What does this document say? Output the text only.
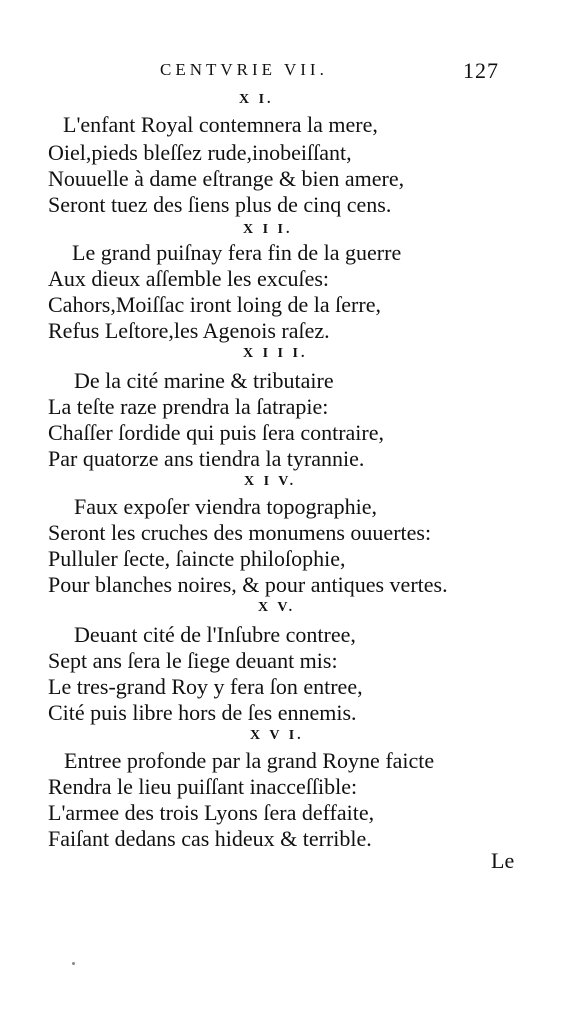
CENTVRIE VII.	127
X I.
L'enfant Royal contemnera la mere,
Oiel,pieds bleſſez rude,inobeiſſant,
Nouuelle à dame eſtrange & bien amere,
Seront tuez des ſiens plus de cinq cens.
X I I.
Le grand puiſnay fera fin de la guerre
Aux dieux aſſemble les excuſes:
Cahors,Moiſſac iront loing de la ſerre,
Refus Leſtore,les Agenois raſez.
X I I I.
De la cité marine & tributaire
La teſte raze prendra la ſatrapie:
Chaſſer ſordide qui puis ſera contraire,
Par quatorze ans tiendra la tyrannie.
X I V.
Faux expoſer viendra topographie,
Seront les cruches des monumens ouuertes:
Pulluler ſecte, ſaincte philoſophie,
Pour blanches noires, & pour antiques vertes.
X V.
Deuant cité de l'Inſubre contree,
Sept ans ſera le ſiege deuant mis:
Le tres-grand Roy y fera ſon entree,
Cité puis libre hors de ſes ennemis.
X V I.
Entree profonde par la grand Royne faicte
Rendra le lieu puiſſant inacceſſible:
L'armee des trois Lyons ſera deffaite,
Faiſant dedans cas hideux & terrible.
Le
